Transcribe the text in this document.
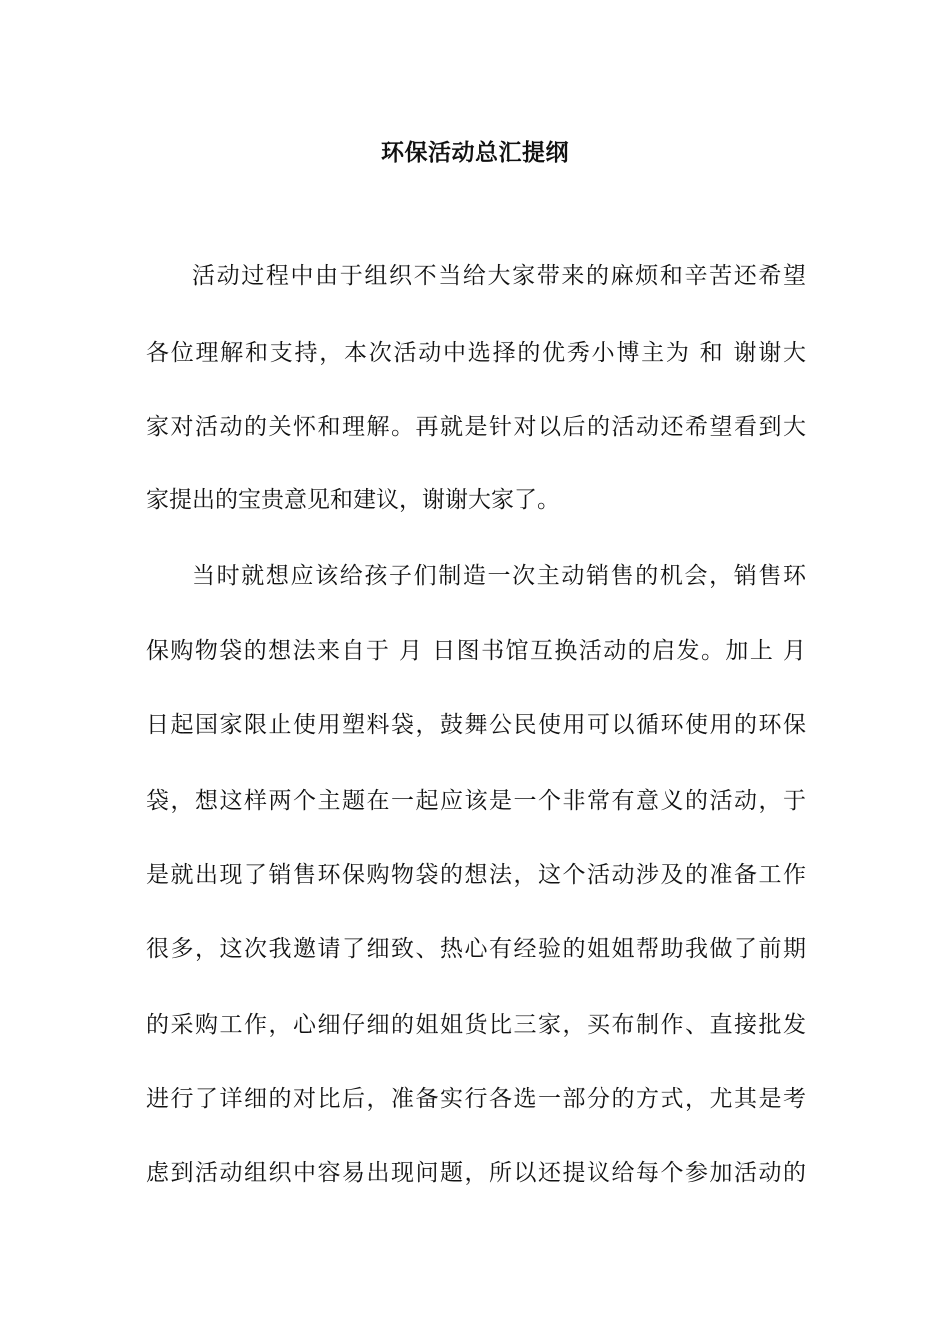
环保活动总汇提纲
活动过程中由于组织不当给大家带来的麻烦和辛苦还希望
各位理解和支持，本次活动中选择的优秀小博主为 和 谢谢大
家对活动的关怀和理解。再就是针对以后的活动还希望看到大
家提出的宝贵意见和建议，谢谢大家了。
当时就想应该给孩子们制造一次主动销售的机会，销售环
保购物袋的想法来自于 月 日图书馆互换活动的启发。加上 月
日起国家限止使用塑料袋，鼓舞公民使用可以循环使用的环保
袋，想这样两个主题在一起应该是一个非常有意义的活动，于
是就出现了销售环保购物袋的想法，这个活动涉及的准备工作
很多，这次我邀请了细致、热心有经验的姐姐帮助我做了前期
的采购工作，心细仔细的姐姐货比三家，买布制作、直接批发
进行了详细的对比后，准备实行各选一部分的方式，尤其是考
虑到活动组织中容易出现问题，所以还提议给每个参加活动的
